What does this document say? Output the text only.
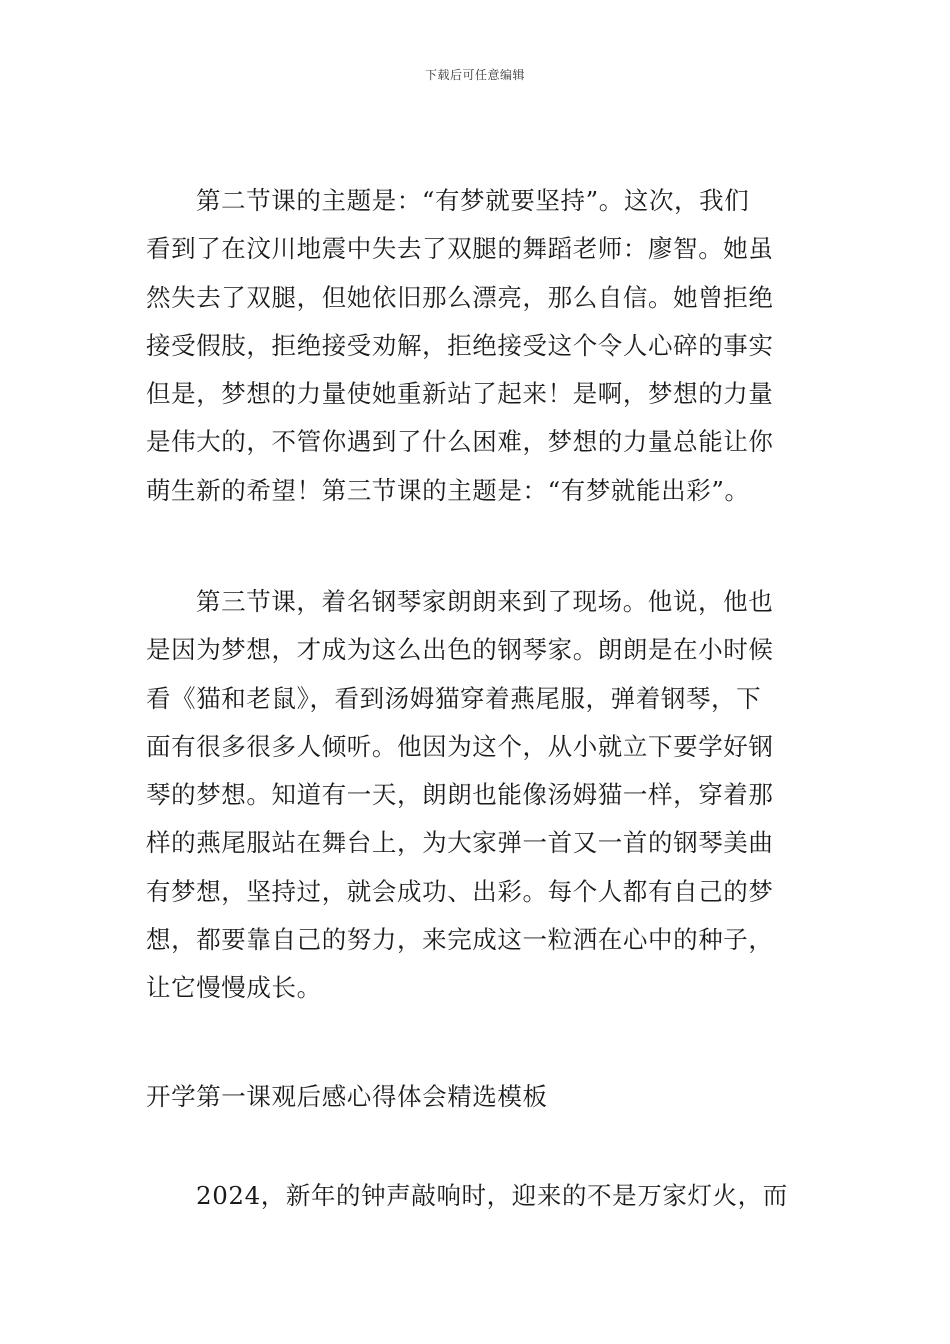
下载后可任意编辑
第二节课的主题是：“有梦就要坚持”。这次，我们
看到了在汶川地震中失去了双腿的舞蹈老师：廖智。她虽
然失去了双腿，但她依旧那么漂亮，那么自信。她曾拒绝
接受假肢，拒绝接受劝解，拒绝接受这个令人心碎的事实
但是，梦想的力量使她重新站了起来！是啊，梦想的力量
是伟大的，不管你遇到了什么困难，梦想的力量总能让你
萌生新的希望！第三节课的主题是：“有梦就能出彩”。
第三节课，着名钢琴家朗朗来到了现场。他说，他也
是因为梦想，才成为这么出色的钢琴家。朗朗是在小时候
看《猫和老鼠》，看到汤姆猫穿着燕尾服，弹着钢琴，下
面有很多很多人倾听。他因为这个，从小就立下要学好钢
琴的梦想。知道有一天，朗朗也能像汤姆猫一样，穿着那
样的燕尾服站在舞台上，为大家弹一首又一首的钢琴美曲
有梦想，坚持过，就会成功、出彩。每个人都有自己的梦
想，都要靠自己的努力，来完成这一粒洒在心中的种子，
让它慢慢成长。
开学第一课观后感心得体会精选模板
2024，新年的钟声敲响时，迎来的不是万家灯火，而
